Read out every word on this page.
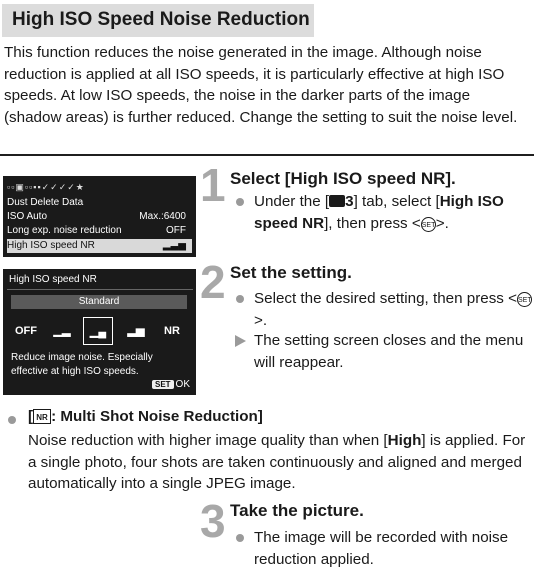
High ISO Speed Noise Reduction
This function reduces the noise generated in the image. Although noise reduction is applied at all ISO speeds, it is particularly effective at high ISO speeds. At low ISO speeds, the noise in the darker parts of the image (shadow areas) is further reduced. Change the setting to suit the noise level.
▫▫▣▫▫▪▪✓✓✓✓★
Dust Delete Data
ISO Auto	Max.:6400
Long exp. noise reduction	OFF
High ISO speed NR	▂▃▅
High ISO speed NR
Standard
OFF	▁▂	▁▄	▂▅	NR
Reduce image noise. Especially effective at high ISO speeds.
SET OK
1 Select [High ISO speed NR].
Under the [ 3] tab, select [High ISO speed NR], then press <SET>.
2 Set the setting.
Select the desired setting, then press <SET>.
The setting screen closes and the menu will reappear.
[ NR : Multi Shot Noise Reduction]
Noise reduction with higher image quality than when [High] is applied. For a single photo, four shots are taken continuously and aligned and merged automatically into a single JPEG image.
3 Take the picture.
The image will be recorded with noise reduction applied.
